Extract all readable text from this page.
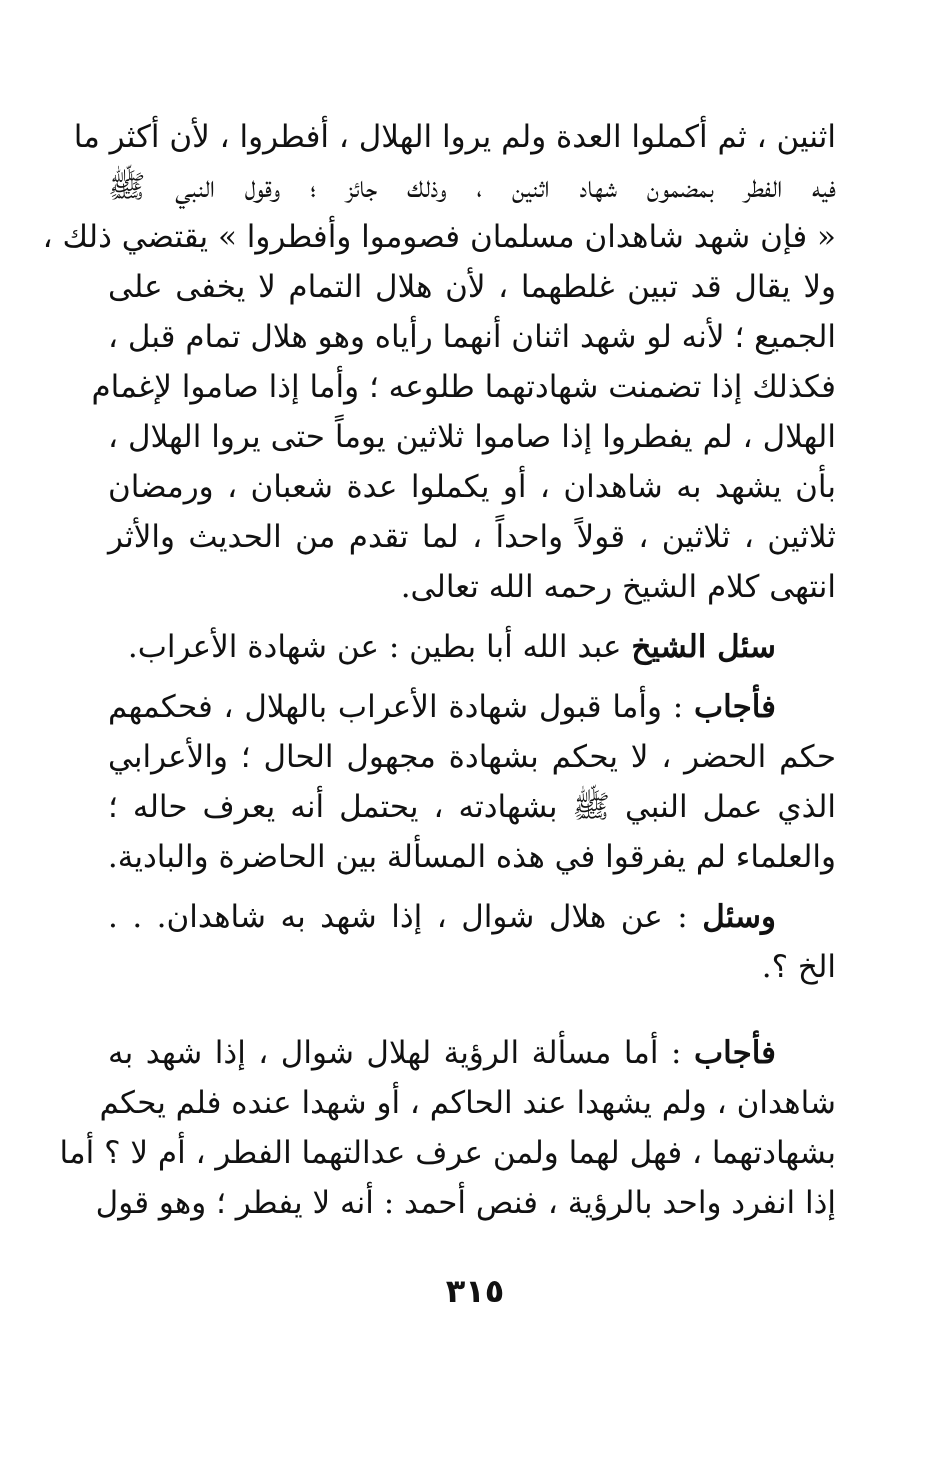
اثنين ، ثم أكملوا العدة ولم يروا الهلال ، أفطروا ، لأن أكثر ما
فيه الفطر بمضمون شهاد اثنين ، وذلك جائز ؛ وقول النبي ﷺ
« فإن شهد شاهدان مسلمان فصوموا وأفطروا » يقتضي ذلك ،
ولا يقال قد تبين غلطهما ، لأن هلال التمام لا يخفى على
الجميع ؛ لأنه لو شهد اثنان أنهما رأياه وهو هلال تمام قبل ،
فكذلك إذا تضمنت شهادتهما طلوعه ؛ وأما إذا صاموا لإغمام
الهلال ، لم يفطروا إذا صاموا ثلاثين يوماً حتى يروا الهلال ،
بأن يشهد به شاهدان ، أو يكملوا عدة شعبان ، ورمضان
ثلاثين ، ثلاثين ، قولاً واحداً ، لما تقدم من الحديث والأثر
انتهى كلام الشيخ رحمه الله تعالى.
سئل الشيخ عبد الله أبا بطين : عن شهادة الأعراب.
فأجاب : وأما قبول شهادة الأعراب بالهلال ، فحكمهم
حكم الحضر ، لا يحكم بشهادة مجهول الحال ؛ والأعرابي
الذي عمل النبي ﷺ بشهادته ، يحتمل أنه يعرف حاله ؛
والعلماء لم يفرقوا في هذه المسألة بين الحاضرة والبادية.
وسئل : عن هلال شوال ، إذا شهد به شاهدان. . .
الخ ؟.
فأجاب : أما مسألة الرؤية لهلال شوال ، إذا شهد به
شاهدان ، ولم يشهدا عند الحاكم ، أو شهدا عنده فلم يحكم
بشهادتهما ، فهل لهما ولمن عرف عدالتهما الفطر ، أم لا ؟ أما
إذا انفرد واحد بالرؤية ، فنص أحمد : أنه لا يفطر ؛ وهو قول
٣١٥
